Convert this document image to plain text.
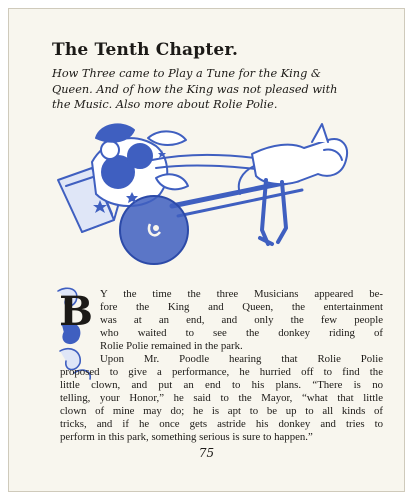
The Tenth Chapter.
How Three came to Play a Tune for the King &
Queen. And of how the King was not pleased with
the Music. Also more about Rolie Polie.
B Y the time the three Musicians appeared be-
fore the King and Queen, the entertainment
was at an end, and only the few people
who waited to see the donkey riding of
Rolie Polie remained in the park.
Upon Mr. Poodle hearing that Rolie Polie
proposed to give a performance, he hurried off to find the
little clown, and put an end to his plans. “There is no
telling, your Honor,” he said to the Mayor, “what that little
clown of mine may do; he is apt to be up to all kinds of
tricks, and if he once gets astride his donkey and tries to
perform in this park, something serious is sure to happen.”
75
